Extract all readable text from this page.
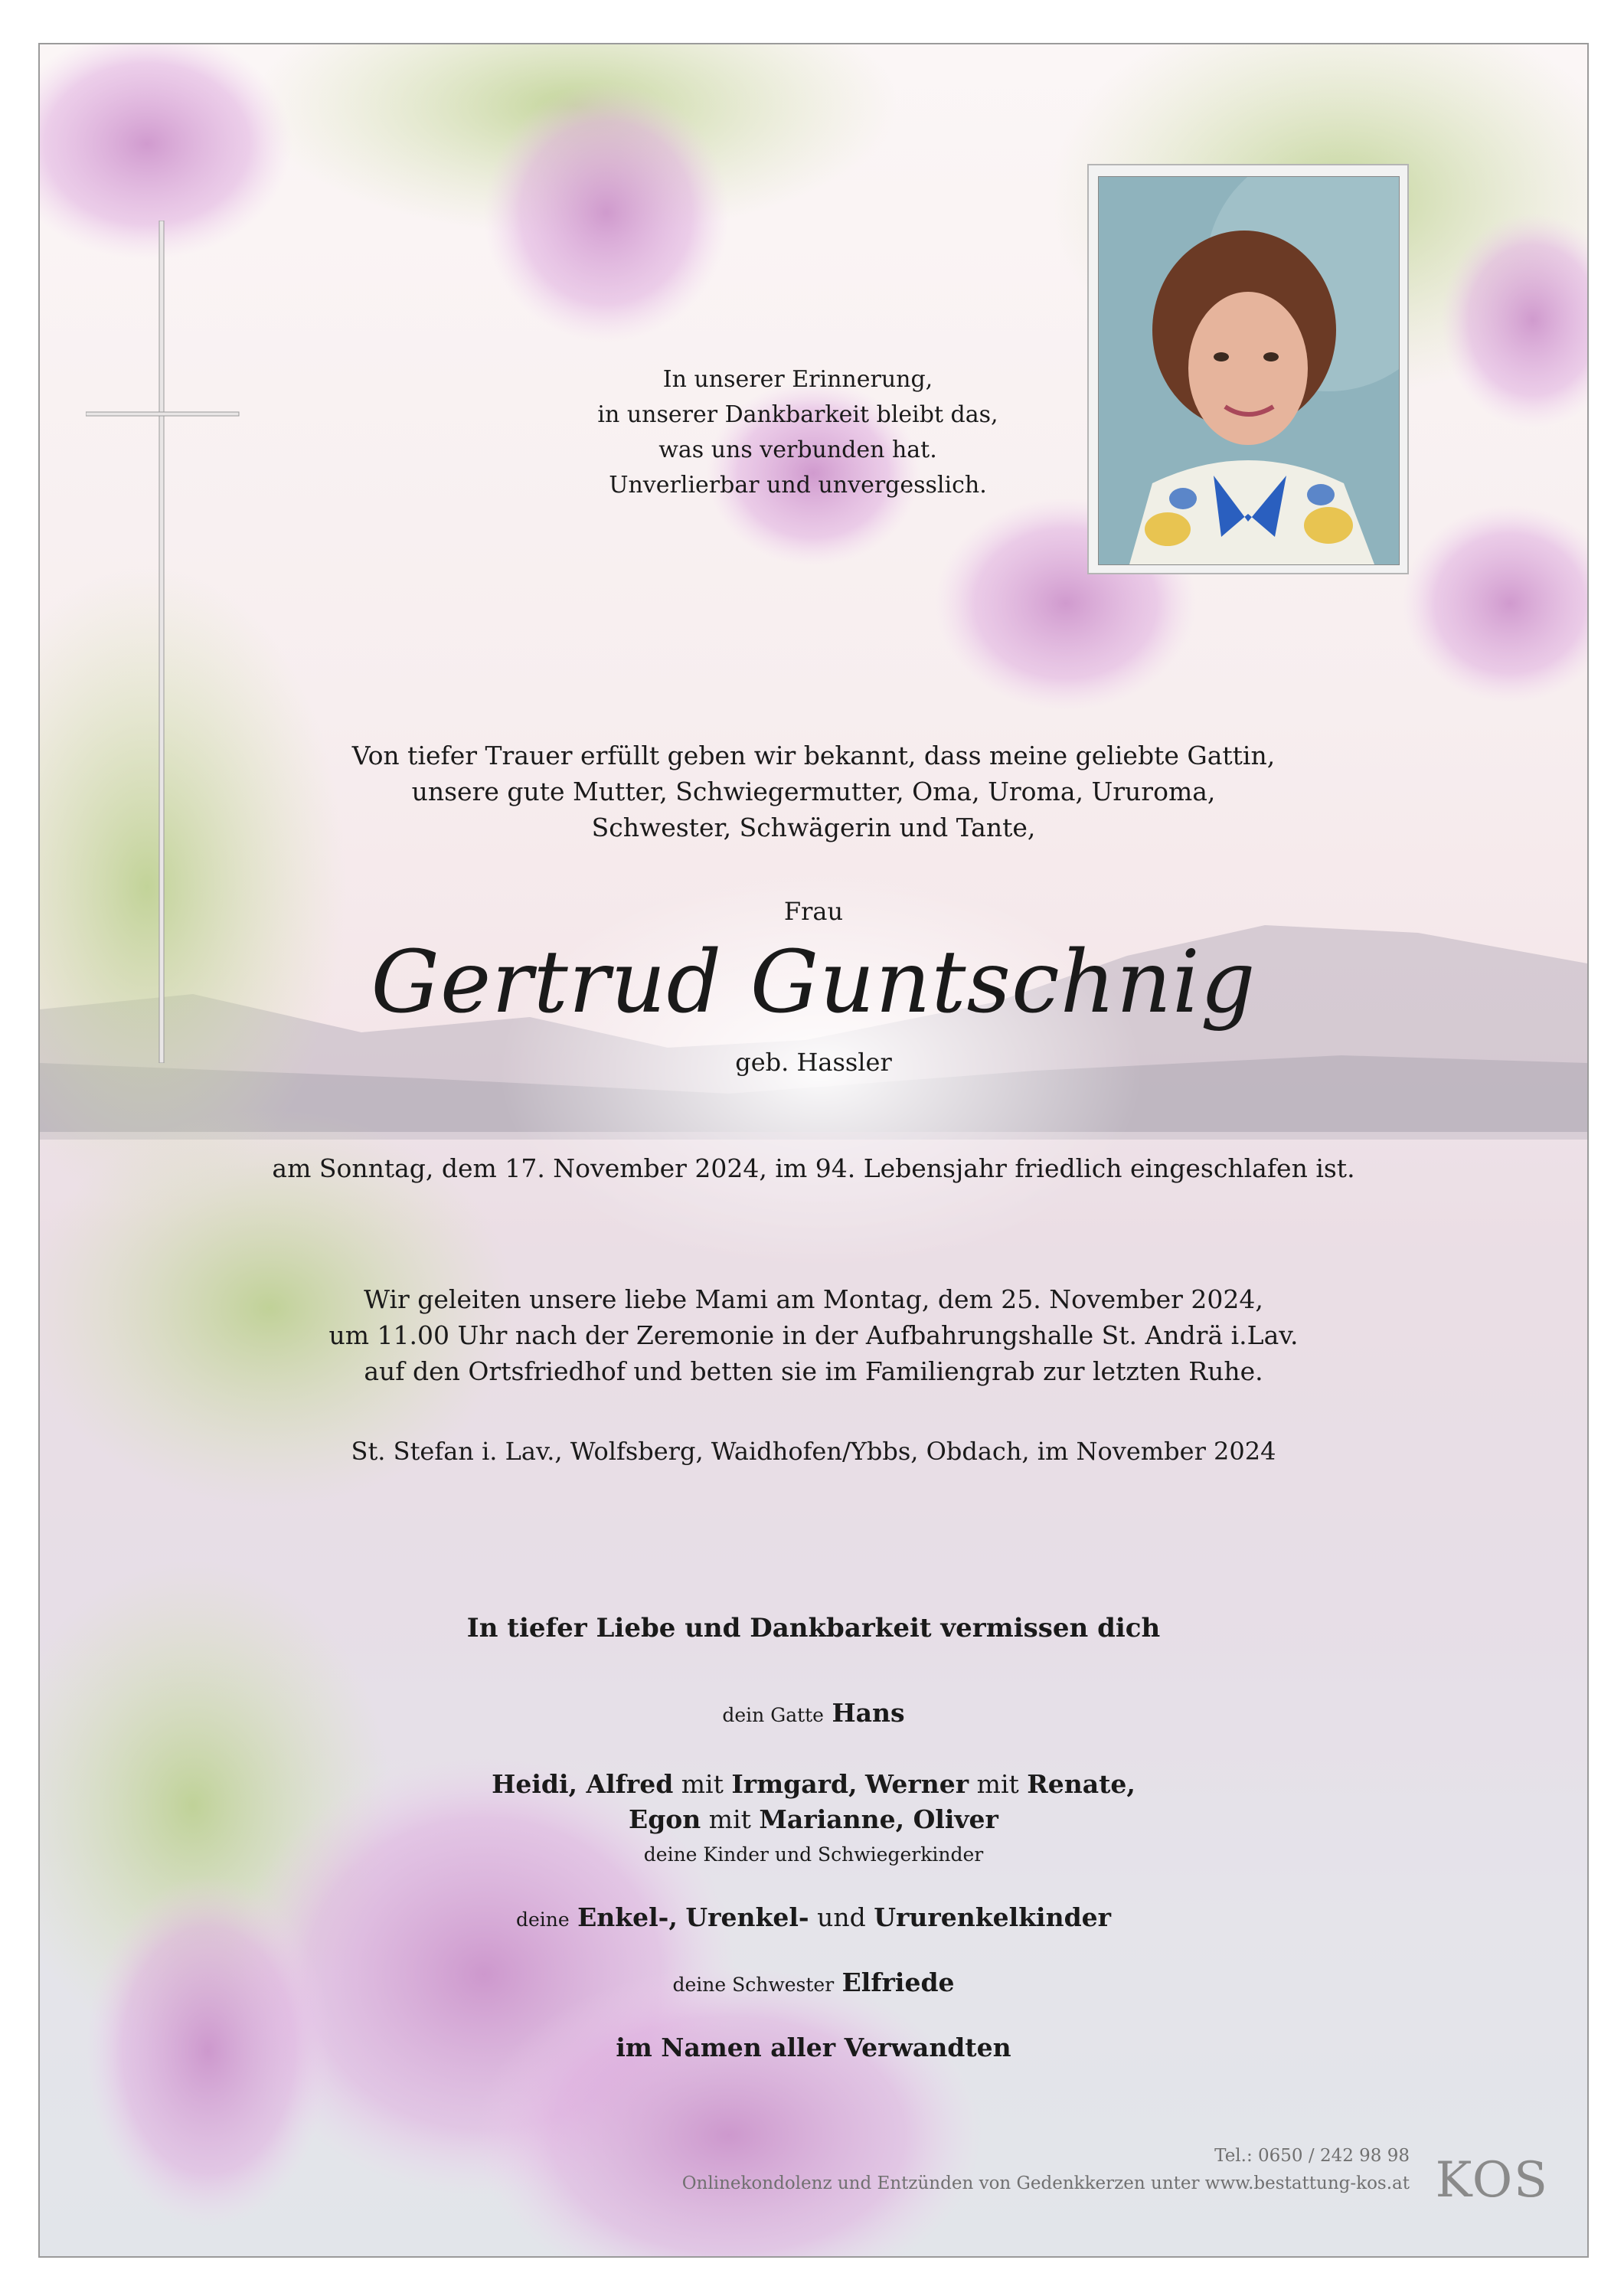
In unserer Erinnerung,
in unserer Dankbarkeit bleibt das,
was uns verbunden hat.
Unverlierbar und unvergesslich.
Von tiefer Trauer erfüllt geben wir bekannt, dass meine geliebte Gattin,
unsere gute Mutter, Schwiegermutter, Oma, Uroma, Ururoma,
Schwester, Schwägerin und Tante,
Frau
Gertrud Guntschnig
geb. Hassler
am Sonntag, dem 17. November 2024, im 94. Lebensjahr friedlich eingeschlafen ist.
Wir geleiten unsere liebe Mami am Montag, dem 25. November 2024,
um 11.00 Uhr nach der Zeremonie in der Aufbahrungshalle St. Andrä i.Lav.
auf den Ortsfriedhof und betten sie im Familiengrab zur letzten Ruhe.
St. Stefan i. Lav., Wolfsberg, Waidhofen/Ybbs, Obdach, im November 2024
In tiefer Liebe und Dankbarkeit vermissen dich
dein Gatte Hans
Heidi, Alfred mit Irmgard, Werner mit Renate,
Egon mit Marianne, Oliver
deine Kinder und Schwiegerkinder
deine Enkel-, Urenkel- und Ururenkelkinder
deine Schwester Elfriede
im Namen aller Verwandten
Tel.: 0650 / 242 98 98
Onlinekondolenz und Entzünden von Gedenkkerzen unter www.bestattung-kos.at KOS
